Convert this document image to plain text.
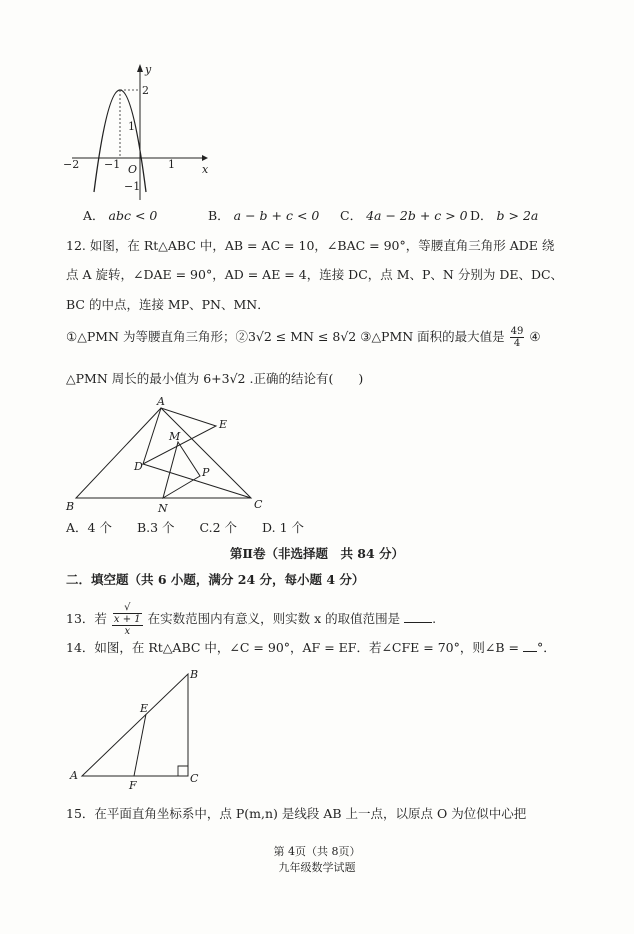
y
x
O
−2 −1	1
2
1
−1
A． abc < 0	B． a − b + c < 0 C． 4a − 2b + c > 0 D． b > 2a
12. 如图，在 Rt△ABC 中，AB = AC = 10，∠BAC = 90°，等腰直角三角形 ADE 绕
点 A 旋转，∠DAE = 90°，AD = AE = 4，连接 DC，点 M、P、N 分别为 DE、DC、
BC 的中点，连接 MP、PN、MN．
①△PMN 为等腰直角三角形；②3√2 ≤ MN ≤ 8√2 ③△PMN 面积的最大值是 $\frac{49}{4}$ ④
△PMN 周长的最小值为 6+3√2 .正确的结论有(　　)
A
B	C
D
E
M
N
P
A．4 个　　B.3 个　　C.2 个　　D. 1 个
第Ⅱ卷（非选择题　共 84 分）
二．填空题（共 6 小题，满分 24 分，每小题 4 分）
13．若 √
x + 1
x 在实数范围内有意义，则实数 x 的取值范围是	.
14．如图，在 Rt△ABC 中，∠C = 90°，AF = EF．若∠CFE = 70°，则∠B = °．
A
B
C
E
F
15．在平面直角坐标系中，点 P(m,n) 是线段 AB 上一点，以原点 O 为位似中心把
第 4页（共 8页）
九年级数学试题
